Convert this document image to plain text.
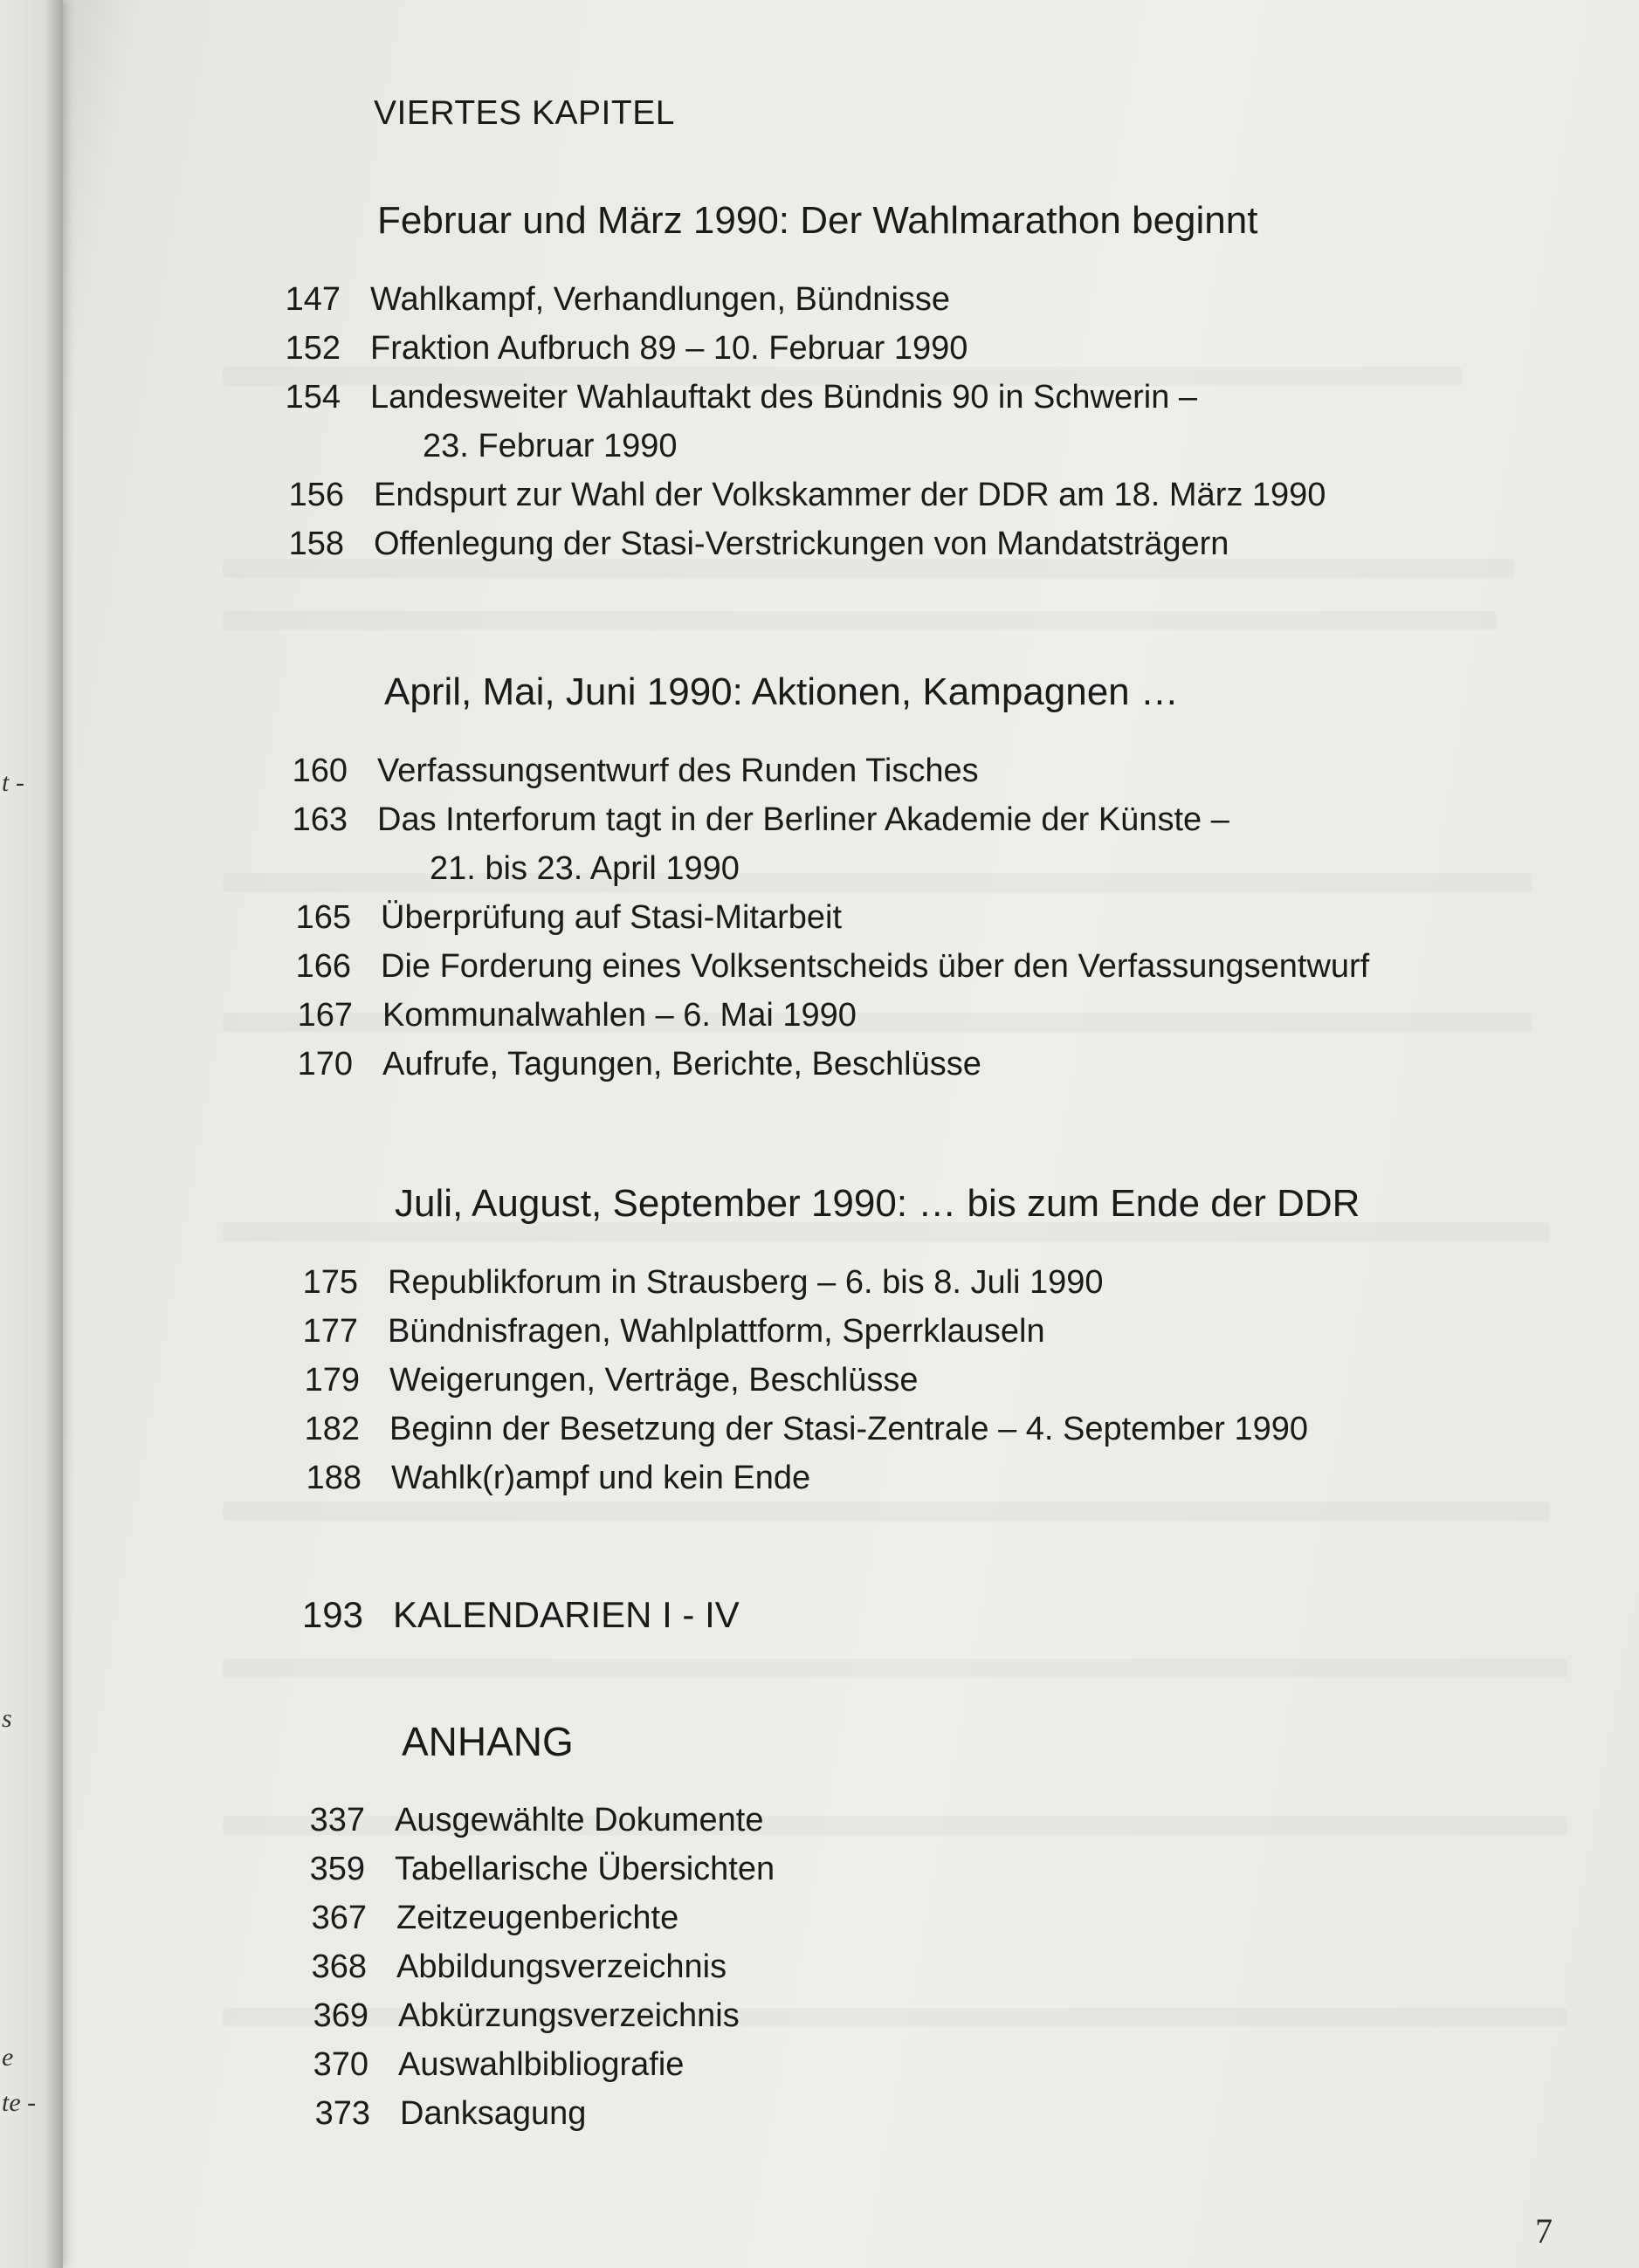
t -
s
e
te -
VIERTES KAPITEL
Februar und März 1990: Der Wahlmarathon beginnt
147 Wahlkampf, Verhandlungen, Bündnisse
152 Fraktion Aufbruch 89 – 10. Februar 1990
154 Landesweiter Wahlauftakt des Bündnis 90 in Schwerin –
23. Februar 1990
156 Endspurt zur Wahl der Volkskammer der DDR am 18. März 1990
158 Offenlegung der Stasi-Verstrickungen von Mandatsträgern
April, Mai, Juni 1990: Aktionen, Kampagnen …
160 Verfassungsentwurf des Runden Tisches
163 Das Interforum tagt in der Berliner Akademie der Künste –
21. bis 23. April 1990
165 Überprüfung auf Stasi-Mitarbeit
166 Die Forderung eines Volksentscheids über den Verfassungsentwurf
167 Kommunalwahlen – 6. Mai 1990
170 Aufrufe, Tagungen, Berichte, Beschlüsse
Juli, August, September 1990: … bis zum Ende der DDR
175 Republikforum in Strausberg – 6. bis 8. Juli 1990
177 Bündnisfragen, Wahlplattform, Sperrklauseln
179 Weigerungen, Verträge, Beschlüsse
182 Beginn der Besetzung der Stasi-Zentrale – 4. September 1990
188 Wahlk(r)ampf und kein Ende
193 KALENDARIEN I - IV
ANHANG
337 Ausgewählte Dokumente
359 Tabellarische Übersichten
367 Zeitzeugenberichte
368 Abbildungsverzeichnis
369 Abkürzungsverzeichnis
370 Auswahlbibliografie
373 Danksagung
7
